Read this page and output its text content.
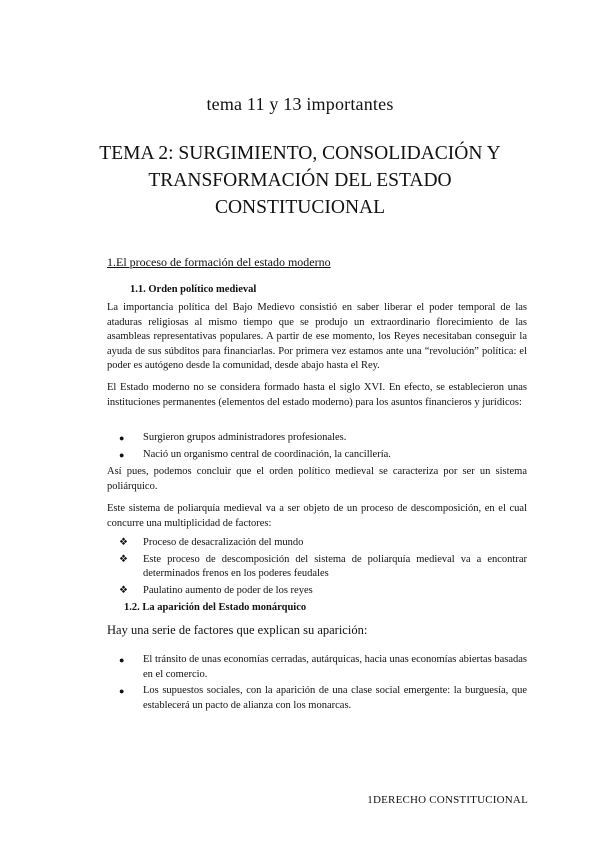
tema 11 y 13 importantes
TEMA 2: SURGIMIENTO, CONSOLIDACIÓN Y TRANSFORMACIÓN DEL ESTADO CONSTITUCIONAL
1.El proceso de formación del estado moderno
1.1. Orden político medieval

La importancia política del Bajo Medievo consistió en saber liberar el poder temporal de las ataduras religiosas al mismo tiempo que se produjo un extraordinario florecimiento de las asambleas representativas populares. A partir de ese momento, los Reyes necesitaban conseguir la ayuda de sus súbditos para financiarlas. Por primera vez estamos ante una “revolución” política: el poder es autógeno desde la comunidad, desde abajo hasta el Rey.

El Estado moderno no se considera formado hasta el siglo XVI. En efecto, se establecieron unas instituciones permanentes (elementos del estado moderno) para los asuntos financieros y jurídicos:

●	Surgieron grupos administradores profesionales.
●	Nació un organismo central de coordinación, la cancillería.

Así pues, podemos concluir que el orden político medieval se caracteriza por ser un sistema poliárquico.

Este sistema de poliarquía medieval va a ser objeto de un proceso de descomposición, en el cual concurre una multiplicidad de factores:

❖	Proceso de desacralización del mundo
❖	Este proceso de descomposición del sistema de poliarquía medieval va a encontrar determinados frenos en los poderes feudales
❖	Paulatino aumento de poder de los reyes
1.2. La aparición del Estado monárquico

Hay una serie de factores que explican su aparición:

●	El tránsito de unas economías cerradas, autárquicas, hacia unas economías abiertas basadas en el comercio.
●	Los supuestos sociales, con la aparición de una clase social emergente: la burguesía, que establecerá un pacto de alianza con los monarcas.
1DERECHO CONSTITUCIONAL
